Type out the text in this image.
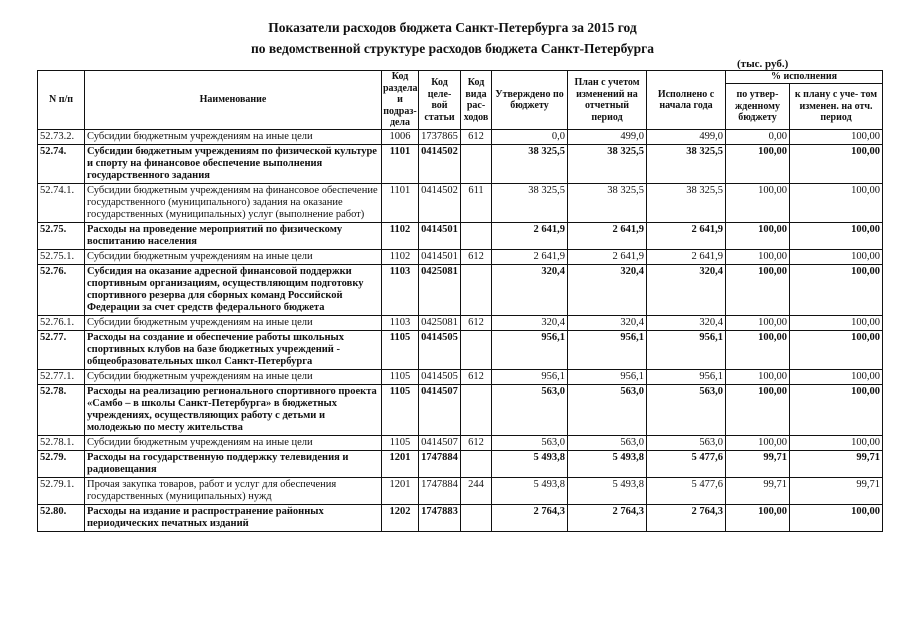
Показатели расходов бюджета Санкт-Петербурга за 2015 год
по ведомственной структуре расходов бюджета Санкт-Петербурга
(тыс. руб.)
N п/п	Наименование	Код раздела и подраз- дела	Код целе- вой статьи	Код вида рас- ходов	Утверждено по бюджету	План с учетом изменений на отчетный период	Исполнено с начала года	% исполнения	
								по утвер- жденному бюджету	к плану с уче- том изменен. на отч. период
52.73.2.	Субсидии бюджетным учреждениям на иные цели	1006	1737865	612	0,0	499,0	499,0	0,00	100,00
52.74.	Субсидии бюджетным учреждениям по физической культуре и спорту на финансовое обеспечение выполнения государственного задания	1101	0414502		38 325,5	38 325,5	38 325,5	100,00	100,00
52.74.1.	Субсидии бюджетным учреждениям на финансовое обеспечение государственного (муниципального) задания на оказание государственных (муниципальных) услуг (выполнение работ)	1101	0414502	611	38 325,5	38 325,5	38 325,5	100,00	100,00
52.75.	Расходы на проведение мероприятий по физическому воспитанию населения	1102	0414501		2 641,9	2 641,9	2 641,9	100,00	100,00
52.75.1.	Субсидии бюджетным учреждениям на иные цели	1102	0414501	612	2 641,9	2 641,9	2 641,9	100,00	100,00
52.76.	Субсидия на оказание адресной финансовой поддержки спортивным организациям, осуществляющим подготовку спортивного резерва для сборных команд Российской Федерации за счет средств федерального бюджета	1103	0425081		320,4	320,4	320,4	100,00	100,00
52.76.1.	Субсидии бюджетным учреждениям на иные цели	1103	0425081	612	320,4	320,4	320,4	100,00	100,00
52.77.	Расходы на создание и обеспечение работы школьных спортивных клубов на базе бюджетных учреждений - общеобразовательных школ Санкт-Петербурга	1105	0414505		956,1	956,1	956,1	100,00	100,00
52.77.1.	Субсидии бюджетным учреждениям на иные цели	1105	0414505	612	956,1	956,1	956,1	100,00	100,00
52.78.	Расходы на реализацию регионального спортивного проекта «Самбо – в школы Санкт-Петербурга» в бюджетных учреждениях, осуществляющих работу с детьми и молодежью по месту жительства	1105	0414507		563,0	563,0	563,0	100,00	100,00
52.78.1.	Субсидии бюджетным учреждениям на иные цели	1105	0414507	612	563,0	563,0	563,0	100,00	100,00
52.79.	Расходы на государственную поддержку телевидения и радиовещания	1201	1747884		5 493,8	5 493,8	5 477,6	99,71	99,71
52.79.1.	Прочая закупка товаров, работ и услуг для обеспечения государственных (муниципальных) нужд	1201	1747884	244	5 493,8	5 493,8	5 477,6	99,71	99,71
52.80.	Расходы на издание и распространение районных периодических печатных изданий	1202	1747883		2 764,3	2 764,3	2 764,3	100,00	100,00
